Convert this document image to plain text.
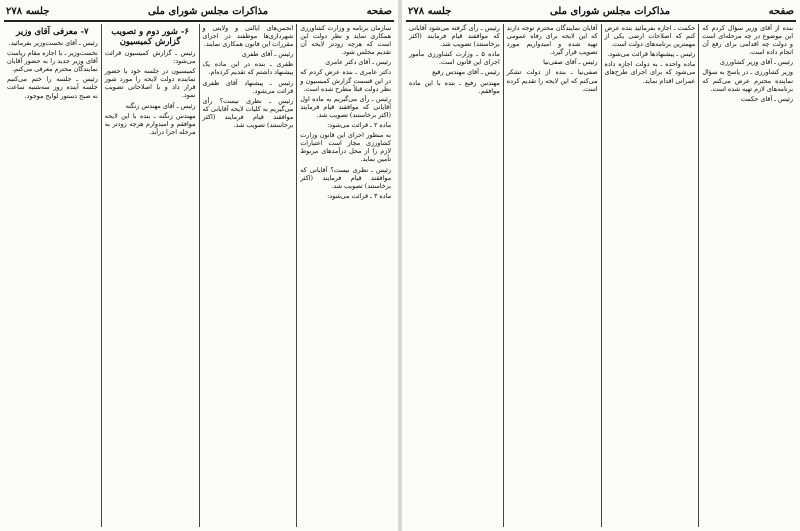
صفحه
مذاکرات مجلس شورای ملی
جلسه ۲۷۸

سازمان برنامه و وزارت کشاورزی همکاری نماید و نظر دولت این است که هرچه زودتر لایحه آن تقدیم مجلس شود.

رئیس ـ آقای دکتر عامری

دکتر عامری ـ بنده عرض کردم که در این قسمت گزارش کمیسیون و نظر دولت قبلاً مطرح شده است.

رئیس ـ رأی می‌گیریم به ماده اول آقایانی که موافقند قیام فرمایند (اکثر برخاستند) تصویب شد.

ماده ۲ ـ قرائت می‌شود:

به منظور اجرای این قانون وزارت کشاورزی مجاز است اعتبارات لازم را از محل درآمدهای مربوط تأمین نماید.

رئیس ـ نظری نیست؟ آقایانی که موافقند قیام فرمایند (اکثر برخاستند) تصویب شد.

ماده ۳ ـ قرائت می‌شود:

انجمن‌های ایالتی و ولایتی و شهرداری‌ها موظفند در اجرای مقررات این قانون همکاری نمایند.

رئیس ـ آقای ظفری

ظفری ـ بنده در این ماده یک پیشنهاد داشتم که تقدیم کرده‌ام.

رئیس ـ پیشنهاد آقای ظفری قرائت می‌شود.

رئیس ـ نظری نیست؟ رأی می‌گیریم به کلیات لایحه آقایانی که موافقند قیام فرمایند (اکثر برخاستند) تصویب شد.

۶- شور دوم و تصویب گزارش کمیسیون

رئیس ـ گزارش کمیسیون قرائت می‌شود:

کمیسیون در جلسه خود با حضور نماینده دولت لایحه را مورد شور قرار داد و با اصلاحاتی تصویب نمود.

رئیس ـ آقای مهندس زنگنه

مهندس زنگنه ـ بنده با این لایحه موافقم و امیدوارم هرچه زودتر به مرحله اجرا درآید.

۷- معرفی آقای وزیر

رئیس ـ آقای نخست‌وزیر بفرمائید.

نخست‌وزیر ـ با اجازه مقام ریاست آقای وزیر جدید را به حضور آقایان نمایندگان محترم معرفی می‌کنم.

رئیس ـ جلسه را ختم می‌کنیم جلسه آینده روز سه‌شنبه ساعت نه صبح دستور لوایح موجود.

صفحه
مذاکرات مجلس شورای ملی
جلسه ۲۷۸

بنده از آقای وزیر سؤال کردم که این موضوع در چه مرحله‌ای است و دولت چه اقدامی برای رفع آن انجام داده است.

رئیس ـ آقای وزیر کشاورزی

وزیر کشاورزی ـ در پاسخ به سؤال نماینده محترم عرض می‌کنم که برنامه‌های لازم تهیه شده است.

رئیس ـ آقای حکمت

حکمت ـ اجازه بفرمائید بنده عرض کنم که اصلاحات ارضی یکی از مهمترین برنامه‌های دولت است.

رئیس ـ پیشنهادها قرائت می‌شود.

ماده واحده ـ به دولت اجازه داده می‌شود که برای اجرای طرح‌های عمرانی اقدام نماید.

آقایان نمایندگان محترم توجه دارند که این لایحه برای رفاه عمومی تهیه شده و امیدواریم مورد تصویب قرار گیرد.

رئیس ـ آقای صفی‌نیا

صفی‌نیا ـ بنده از دولت تشکر می‌کنم که این لایحه را تقدیم کرده است.

رئیس ـ رأی گرفته می‌شود آقایانی که موافقند قیام فرمایند (اکثر برخاستند) تصویب شد.

ماده ۵ ـ وزارت کشاورزی مأمور اجرای این قانون است.

رئیس ـ آقای مهندس رفیع

مهندس رفیع ـ بنده با این ماده موافقم.
